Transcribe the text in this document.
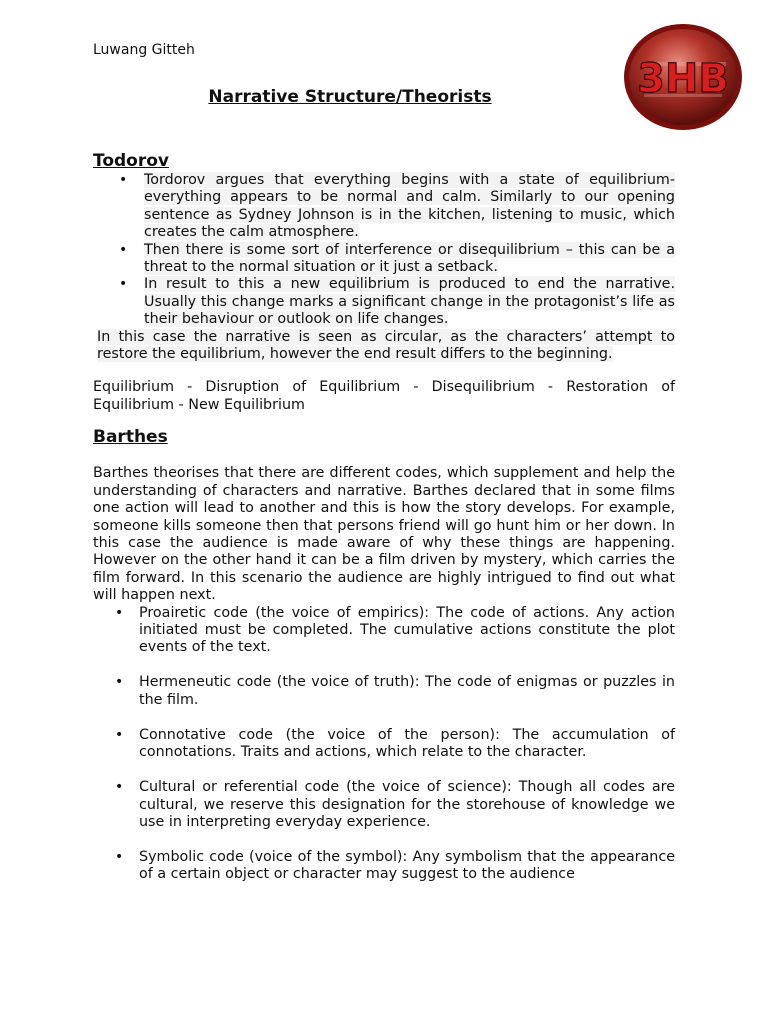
Luwang Gitteh
Narrative Structure/Theorists	3HB
Todorov
• Tordorov argues that everything begins with a state of equilibrium- everything appears to be normal and calm. Similarly to our opening sentence as Sydney Johnson is in the kitchen, listening to music, which creates the calm atmosphere.
• Then there is some sort of interference or disequilibrium – this can be a threat to the normal situation or it just a setback.
• In result to this a new equilibrium is produced to end the narrative. Usually this change marks a significant change in the protagonist’s life as their behaviour or outlook on life changes.

In this case the narrative is seen as circular, as the characters’ attempt to restore the equilibrium, however the end result differs to the beginning.

Equilibrium - Disruption of Equilibrium - Disequilibrium - Restoration of Equilibrium - New Equilibrium

Barthes

Barthes theorises that there are different codes, which supplement and help the understanding of characters and narrative. Barthes declared that in some films one action will lead to another and this is how the story develops. For example, someone kills someone then that persons friend will go hunt him or her down. In this case the audience is made aware of why these things are happening. However on the other hand it can be a film driven by mystery, which carries the film forward. In this scenario the audience are highly intrigued to find out what will happen next.

• Proairetic code (the voice of empirics): The code of actions. Any action initiated must be completed. The cumulative actions constitute the plot events of the text.
• Hermeneutic code (the voice of truth): The code of enigmas or puzzles in the film.
• Connotative code (the voice of the person): The accumulation of connotations. Traits and actions, which relate to the character.
• Cultural or referential code (the voice of science): Though all codes are cultural, we reserve this designation for the storehouse of knowledge we use in interpreting everyday experience.
• Symbolic code (voice of the symbol): Any symbolism that the appearance of a certain object or character may suggest to the audience
